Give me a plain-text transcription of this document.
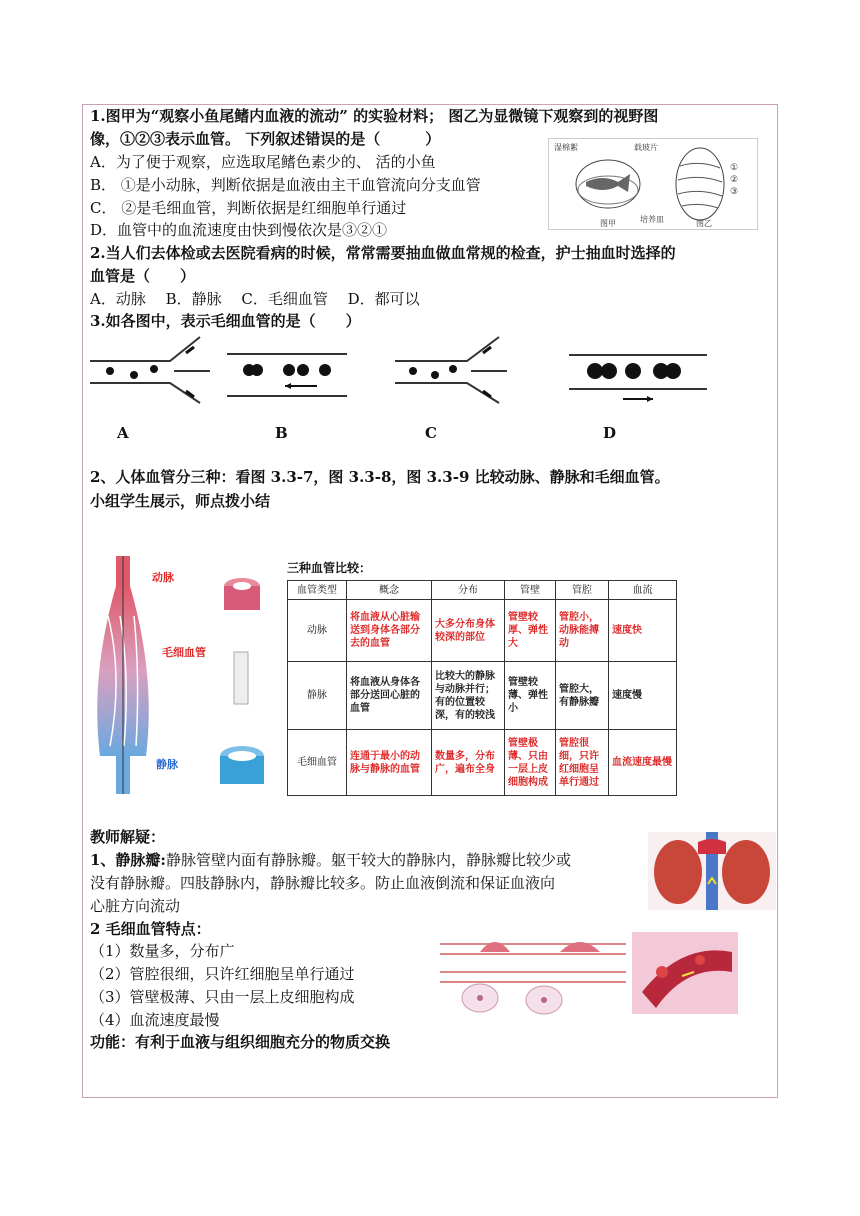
1.图甲为“观察小鱼尾鳍内血液的流动” 的实验材料； 图乙为显微镜下观察到的视野图
像，①②③表示血管。 下列叙述错误的是（　　　）
A．为了便于观察，应选取尾鳍色素少的、 活的小鱼
B． ①是小动脉，判断依据是血液由主干血管流向分支血管
C． ②是毛细血管，判断依据是红细胞单行通过
D．血管中的血流速度由快到慢依次是③②①
湿棉絮	载玻片
培养皿
图甲	图乙
①
②
③
2.当人们去体检或去医院看病的时候，常常需要抽血做血常规的检查，护士抽血时选择的
血管是（　　）
A．动脉　 B．静脉　 C．毛细血管　 D．都可以
3.如各图中，表示毛细血管的是（　　）
A	B	C	D
2、人体血管分三种：看图 3.3-7，图 3.3-8，图 3.3-9 比较动脉、静脉和毛细血管。
小组学生展示，师点拨小结
动脉
毛细血管
静脉
三种血管比较：
血管类型	概念	分布	管壁	管腔	血流
动脉	将血液从心脏输送到身体各部分去的血管	大多分布身体较深的部位	管壁较厚、弹性大	管腔小，动脉能搏动	速度快
静脉	将血液从身体各部分送回心脏的血管	比较大的静脉与动脉并行；有的位置较深，有的较浅	管壁较薄、弹性小	管腔大，有静脉瓣	速度慢
毛细血管	连通于最小的动脉与静脉的血管	数量多，分布广，遍布全身	管壁极薄、只由一层上皮细胞构成	管腔很细，只许红细胞呈单行通过	血流速度最慢
教师解疑：
1、静脉瓣:静脉管壁内面有静脉瓣。躯干较大的静脉内，静脉瓣比较少或
没有静脉瓣。四肢静脉内，静脉瓣比较多。防止血液倒流和保证血液向
心脏方向流动
2 毛细血管特点：
（1）数量多，分布广
（2）管腔很细，只许红细胞呈单行通过
（3）管壁极薄、只由一层上皮细胞构成
（4）血流速度最慢
功能：有利于血液与组织细胞充分的物质交换
